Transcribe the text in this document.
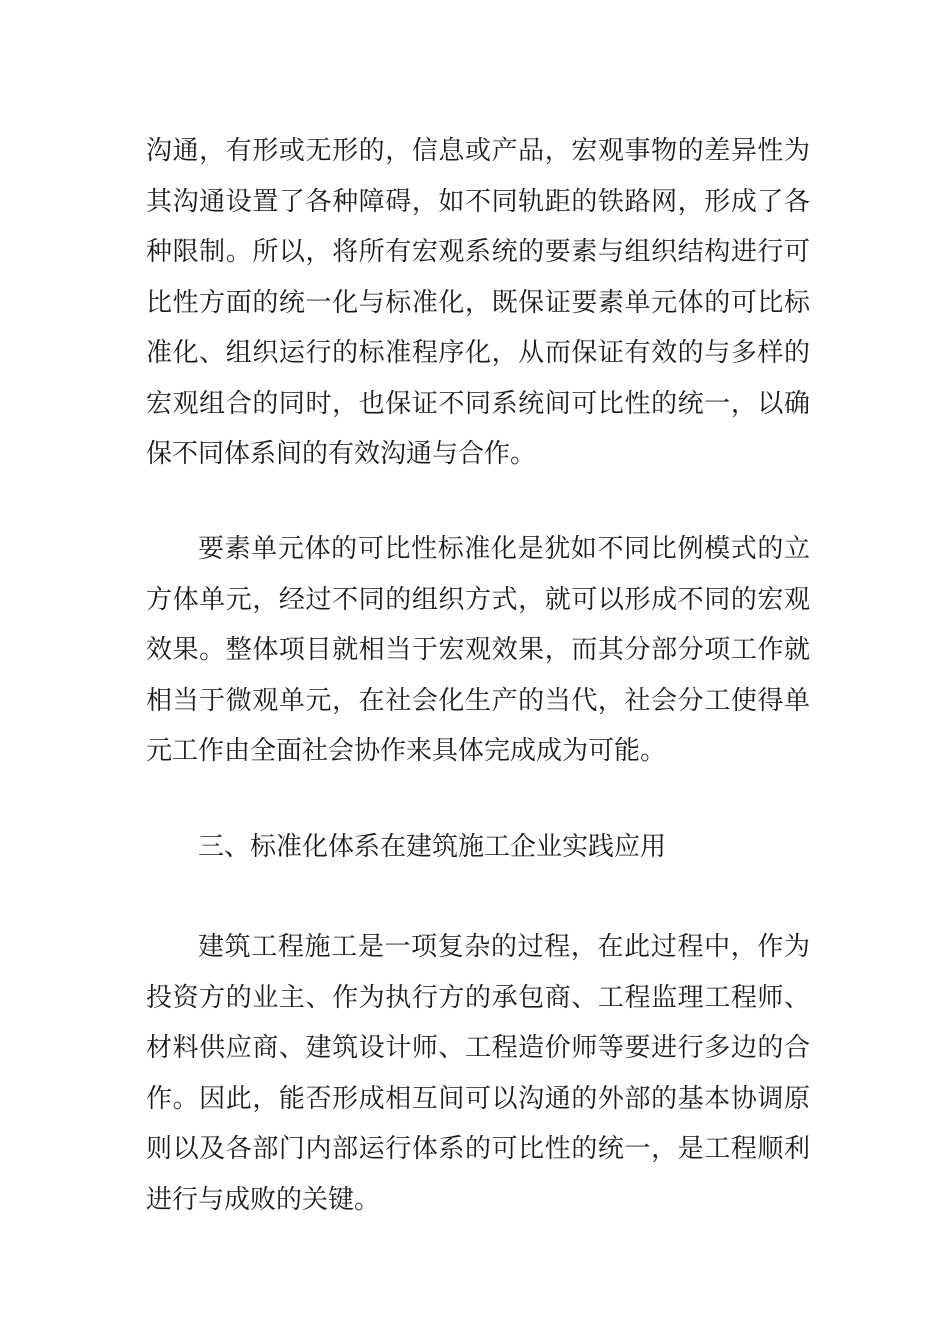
沟通，有形或无形的，信息或产品，宏观事物的差异性为其沟通设置了各种障碍，如不同轨距的铁路网，形成了各种限制。所以，将所有宏观系统的要素与组织结构进行可比性方面的统一化与标准化，既保证要素单元体的可比标准化、组织运行的标准程序化，从而保证有效的与多样的宏观组合的同时，也保证不同系统间可比性的统一，以确保不同体系间的有效沟通与合作。

要素单元体的可比性标准化是犹如不同比例模式的立方体单元，经过不同的组织方式，就可以形成不同的宏观效果。整体项目就相当于宏观效果，而其分部分项工作就相当于微观单元，在社会化生产的当代，社会分工使得单元工作由全面社会协作来具体完成成为可能。

三、标准化体系在建筑施工企业实践应用

建筑工程施工是一项复杂的过程，在此过程中，作为投资方的业主、作为执行方的承包商、工程监理工程师、材料供应商、建筑设计师、工程造价师等要进行多边的合作。因此，能否形成相互间可以沟通的外部的基本协调原则以及各部门内部运行体系的可比性的统一，是工程顺利进行与成败的关键。
